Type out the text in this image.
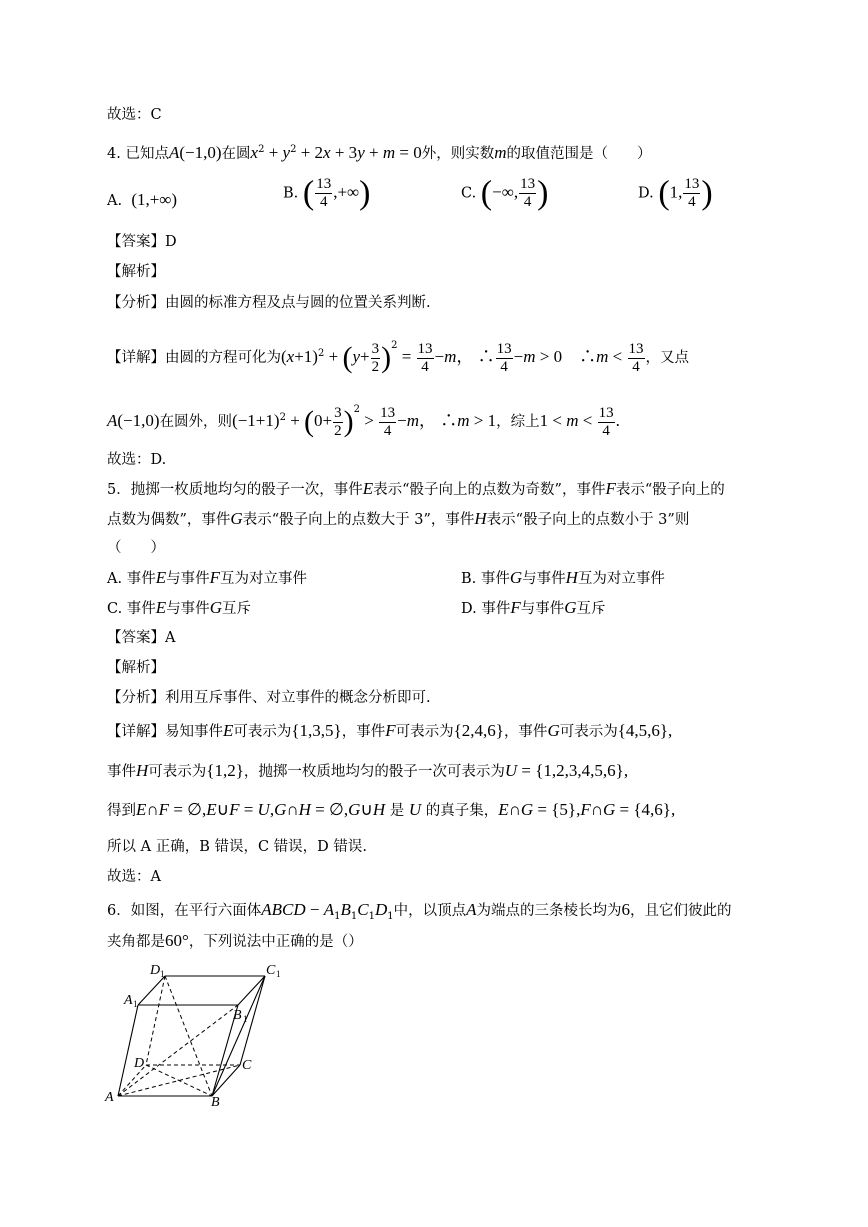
故选：C
4. 已知点A(−1,0)在圆$x^2 + y^2 + 2x + 3y + m = 0$外，则实数m的取值范围是（　　）
A. (1,+∞)	B. ( $\frac{13}{4}$ ,+∞)	C. (−∞, $\frac{13}{4}$ )	D. (1, $\frac{13}{4}$ )
【答案】D
【解析】
【分析】由圆的标准方程及点与圆的位置关系判断.
【详解】由圆的方程可化为$(x+1)^2 + (y+ \frac{3}{2} )^2 = \frac{13}{4} -m$， ∴ $\frac{13}{4} -m > 0$　∴m < $\frac{13}{4}$ ，又点
A(−1,0)在圆外，则$(-1+1)^2 + (0+ \frac{3}{2} )^2 > \frac{13}{4} -m$， ∴m > 1，综上$1 < m < \frac{13}{4}$ .
故选：D.
5．抛掷一枚质地均匀的骰子一次，事件E表示“骰子向上的点数为奇数”，事件F表示“骰子向上的
点数为偶数”，事件G表示“骰子向上的点数大于 3”，事件H表示“骰子向上的点数小于 3”则
（　　）
A. 事件E与事件F互为对立事件	B. 事件G与事件H互为对立事件
C. 事件E与事件G互斥	D. 事件F与事件G互斥
【答案】A
【解析】
【分析】利用互斥事件、对立事件的概念分析即可.
【详解】易知事件E可表示为{1,3,5}，事件F可表示为{2,4,6}，事件G可表示为{4,5,6},
事件H可表示为{1,2}，抛掷一枚质地均匀的骰子一次可表示为U = {1,2,3,4,5,6},
得到E∩F = ∅,E∪F = U,G∩H = ∅,G∪H 是 U 的真子集，E∩G = {5},F∩G = {4,6},
所以 A 正确，B 错误，C 错误，D 错误.
故选：A
6．如图，在平行六面体ABCD − $A_1B_1C_1D_1$中，以顶点A为端点的三条棱长均为6，且它们彼此的
夹角都是60°，下列说法中正确的是（）
D 1	C 1
A 1
B 1
D	C
A	B
